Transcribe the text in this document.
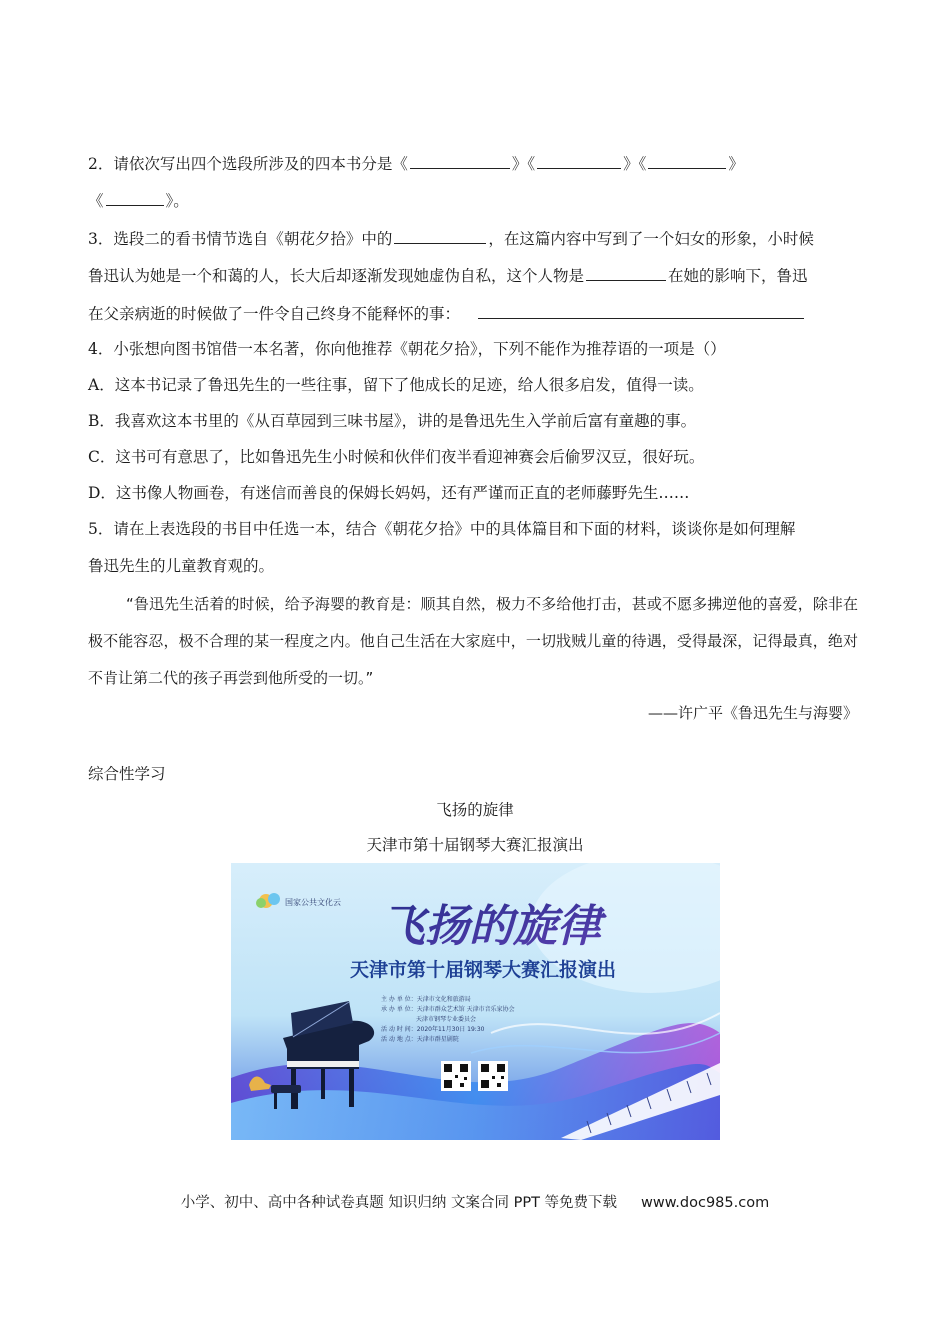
2．请依次写出四个选段所涉及的四本书分是《	》《	》《	》
《	》。
3．选段二的看书情节选自《朝花夕拾》中的	，在这篇内容中写到了一个妇女的形象，小时候
鲁迅认为她是一个和蔼的人，长大后却逐渐发现她虚伪自私，这个人物是	在她的影响下，鲁迅
在父亲病逝的时候做了一件令自己终身不能释怀的事：
4．小张想向图书馆借一本名著，你向他推荐《朝花夕拾》，下列不能作为推荐语的一项是（）
A．这本书记录了鲁迅先生的一些往事，留下了他成长的足迹，给人很多启发，值得一读。
B．我喜欢这本书里的《从百草园到三味书屋》，讲的是鲁迅先生入学前后富有童趣的事。
C．这书可有意思了，比如鲁迅先生小时候和伙伴们夜半看迎神赛会后偷罗汉豆，很好玩。
D．这书像人物画卷，有迷信而善良的保姆长妈妈，还有严谨而正直的老师藤野先生……
5．请在上表选段的书目中任选一本，结合《朝花夕拾》中的具体篇目和下面的材料，谈谈你是如何理解
鲁迅先生的儿童教育观的。
“鲁迅先生活着的时候，给予海婴的教育是：顺其自然，极力不多给他打击，甚或不愿多拂逆他的喜爱，除非在极不能容忍，极不合理的某一程度之内。他自己生活在大家庭中，一切戕贼儿童的待遇，受得最深，记得最真，绝对不肯让第二代的孩子再尝到他所受的一切。”
——许广平《鲁迅先生与海婴》
综合性学习
飞扬的旋律
天津市第十届钢琴大赛汇报演出
国家公共文化云 飞扬的旋律
天津市第十届钢琴大赛汇报演出
主 办 单 位：天津市文化和旅游局
承 办 单 位：天津市群众艺术馆 天津市音乐家协会
天津市钢琴专业委员会
活 动 时 间：2020年11月30日 19:30
活 动 地 点：天津市群星剧院
小学、初中、高中各种试卷真题 知识归纳 文案合同 PPT 等免费下载 www.doc985.com
